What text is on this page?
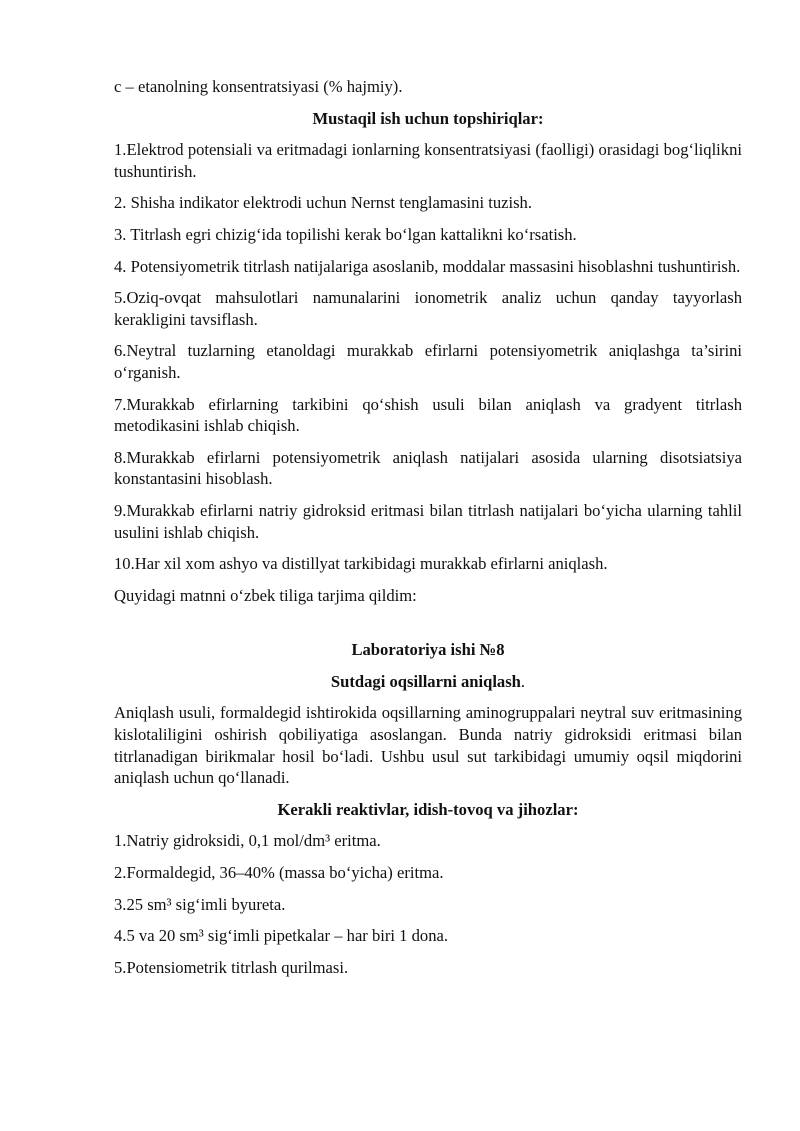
c – etanolning konsentratsiyasi (% hajmiy).

Mustaqil ish uchun topshiriqlar:

1.Elektrod potensiali va eritmadagi ionlarning konsentratsiyasi (faolligi) orasidagi bog‘liqlikni tushuntirish.

2. Shisha indikator elektrodi uchun Nernst tenglamasini tuzish.

3. Titrlash egri chizig‘ida topilishi kerak bo‘lgan kattalikni ko‘rsatish.

4. Potensiyometrik titrlash natijalariga asoslanib, moddalar massasini hisoblashni tushuntirish.

5.Oziq-ovqat mahsulotlari namunalarini ionometrik analiz uchun qanday tayyorlash kerakligini tavsiflash.

6.Neytral tuzlarning etanoldagi murakkab efirlarni potensiyometrik aniqlashga ta’sirini o‘rganish.

7.Murakkab efirlarning tarkibini qo‘shish usuli bilan aniqlash va gradyent titrlash metodikasini ishlab chiqish.

8.Murakkab efirlarni potensiyometrik aniqlash natijalari asosida ularning disotsiatsiya konstantasini hisoblash.

9.Murakkab efirlarni natriy gidroksid eritmasi bilan titrlash natijalari bo‘yicha ularning tahlil usulini ishlab chiqish.

10.Har xil xom ashyo va distillyat tarkibidagi murakkab efirlarni aniqlash.

Quyidagi matnni o‘zbek tiliga tarjima qildim:

Laboratoriya ishi №8

Sutdagi oqsillarni aniqlash.

Aniqlash usuli, formaldegid ishtirokida oqsillarning aminogruppalari neytral suv eritmasining kislotaliligini oshirish qobiliyatiga asoslangan. Bunda natriy gidroksidi eritmasi bilan titrlanadigan birikmalar hosil bo‘ladi. Ushbu usul sut tarkibidagi umumiy oqsil miqdorini aniqlash uchun qo‘llanadi.

Kerakli reaktivlar, idish-tovoq va jihozlar:

1.Natriy gidroksidi, 0,1 mol/dm³ eritma.

2.Formaldegid, 36–40% (massa bo‘yicha) eritma.

3.25 sm³ sig‘imli byureta.

4.5 va 20 sm³ sig‘imli pipetkalar – har biri 1 dona.

5.Potensiometrik titrlash qurilmasi.
